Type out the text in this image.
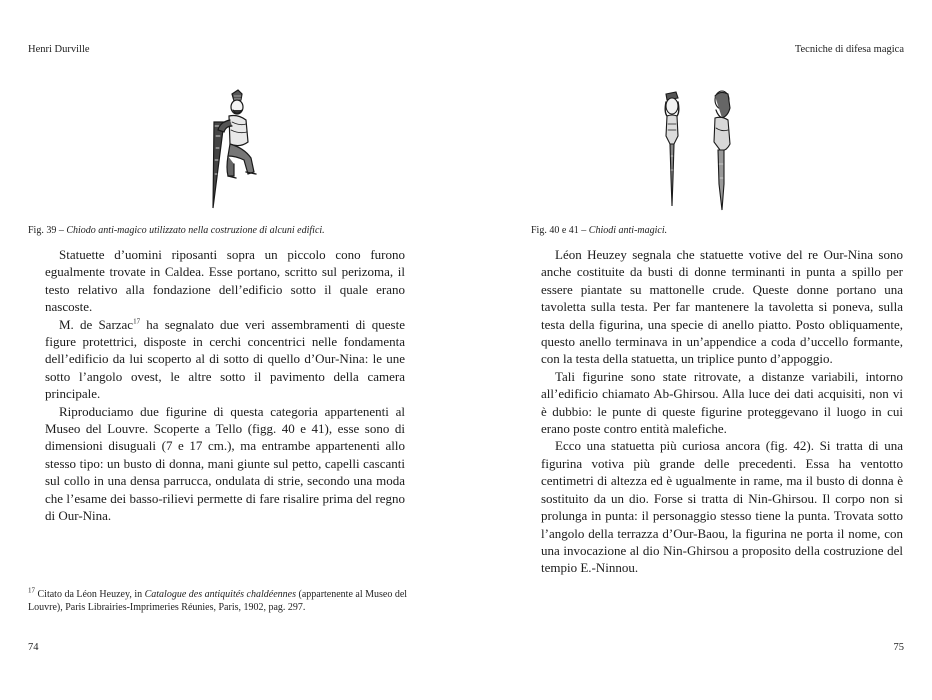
Henri Durville
Fig. 39 – Chiodo anti-magico utilizzato nella costruzione di alcuni edifici.

Statuette d’uomini riposanti sopra un piccolo cono furono egualmente trovate in Caldea. Esse portano, scritto sul perizoma, il testo relativo alla fondazione dell’edificio sotto il quale erano nascoste.

M. de Sarzac$^{17}$ ha segnalato due veri assembramenti di queste figure protettrici, disposte in cerchi concentrici nelle fondamenta dell’edificio da lui scoperto al di sotto di quello d’Our-Nina: le une sotto l’angolo ovest, le altre sotto il pavimento della camera principale.

Riproduciamo due figurine di questa categoria appartenenti al Museo del Louvre. Scoperte a Tello (figg. 40 e 41), esse sono di dimensioni disuguali (7 e 17 cm.), ma entrambe appartenenti allo stesso tipo: un busto di donna, mani giunte sul petto, capelli cascanti sul collo in una densa parrucca, ondulata di strie, secondo una moda che l’esame dei basso-rilievi permette di fare risalire prima del regno di Our-Nina.

$^{17}$ Citato da Léon Heuzey, in Catalogue des antiquités chaldéennes (appartenente al Museo del Louvre), Paris Librairies-Imprimeries Réunies, Paris, 1902, pag. 297.
74
Tecniche di difesa magica
Fig. 40 e 41 – Chiodi anti-magici.

Léon Heuzey segnala che statuette votive del re Our-Nina sono anche costituite da busti di donne terminanti in punta a spillo per essere piantate su mattonelle crude. Queste donne portano una tavoletta sulla testa. Per far mantenere la tavoletta si poneva, sulla testa della figurina, una specie di anello piatto. Posto obliquamente, questo anello terminava in un’appendice a coda d’uccello formante, con la testa della statuetta, un triplice punto d’appoggio.

Tali figurine sono state ritrovate, a distanze variabili, intorno all’edificio chiamato Ab-Ghirsou. Alla luce dei dati acquisiti, non vi è dubbio: le punte di queste figurine proteggevano il luogo in cui erano poste contro entità malefiche.

Ecco una statuetta più curiosa ancora (fig. 42). Si tratta di una figurina votiva più grande delle precedenti. Essa ha ventotto centimetri di altezza ed è ugualmente in rame, ma il busto di donna è sostituito da un dio. Forse si tratta di Nin-Ghirsou. Il corpo non si prolunga in punta: il personaggio stesso tiene la punta. Trovata sotto l’angolo della terrazza d’Our-Baou, la figurina ne porta il nome, con una invocazione al dio Nin-Ghirsou a proposito della costruzione del tempio E.-Ninnou.

75
